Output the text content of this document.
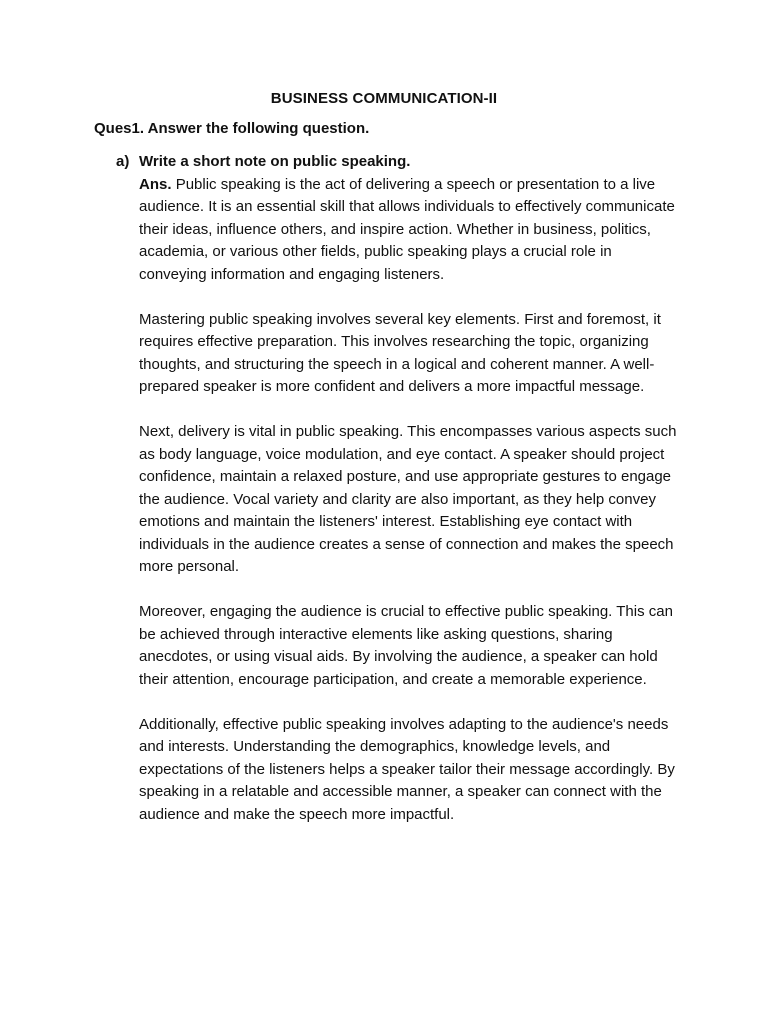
BUSINESS COMMUNICATION-II
Ques1. Answer the following question.
a) Write a short note on public speaking.

Ans. Public speaking is the act of delivering a speech or presentation to a live audience. It is an essential skill that allows individuals to effectively communicate their ideas, influence others, and inspire action. Whether in business, politics, academia, or various other fields, public speaking plays a crucial role in conveying information and engaging listeners.

Mastering public speaking involves several key elements. First and foremost, it requires effective preparation. This involves researching the topic, organizing thoughts, and structuring the speech in a logical and coherent manner. A well-prepared speaker is more confident and delivers a more impactful message.

Next, delivery is vital in public speaking. This encompasses various aspects such as body language, voice modulation, and eye contact. A speaker should project confidence, maintain a relaxed posture, and use appropriate gestures to engage the audience. Vocal variety and clarity are also important, as they help convey emotions and maintain the listeners' interest. Establishing eye contact with individuals in the audience creates a sense of connection and makes the speech more personal.

Moreover, engaging the audience is crucial to effective public speaking. This can be achieved through interactive elements like asking questions, sharing anecdotes, or using visual aids. By involving the audience, a speaker can hold their attention, encourage participation, and create a memorable experience.

Additionally, effective public speaking involves adapting to the audience's needs and interests. Understanding the demographics, knowledge levels, and expectations of the listeners helps a speaker tailor their message accordingly. By speaking in a relatable and accessible manner, a speaker can connect with the audience and make the speech more impactful.
